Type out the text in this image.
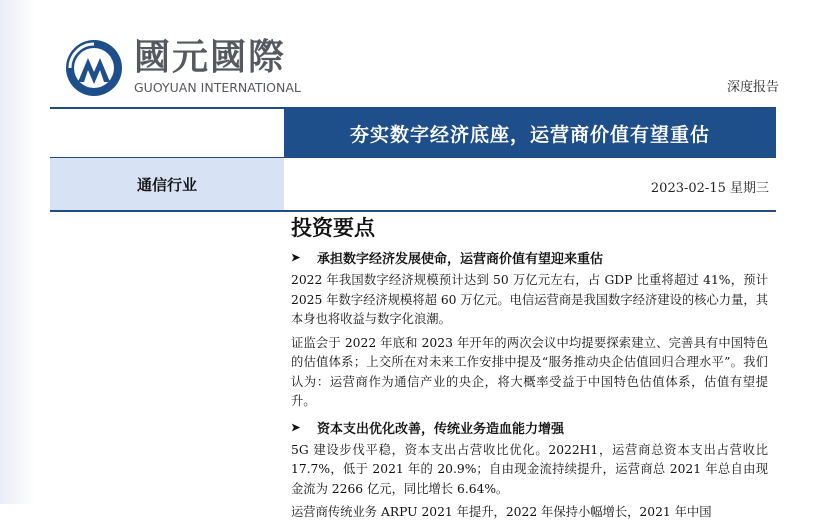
國元國際
GUOYUAN INTERNATIONAL	深度报告
夯实数字经济底座，运营商价值有望重估
通信行业	2023-02-15 星期三
投资要点
➤	承担数字经济发展使命，运营商价值有望迎来重估

2022 年我国数字经济规模预计达到 50 万亿元左右，占 GDP 比重将超过 41%，预计 2025 年数字经济规模将超 60 万亿元。电信运营商是我国数字经济建设的核心力量，其本身也将收益与数字化浪潮。

证监会于 2022 年底和 2023 年开年的两次会议中均提要探索建立、完善具有中国特色的估值体系；上交所在对未来工作安排中提及“服务推动央企估值回归合理水平”。我们认为：运营商作为通信产业的央企，将大概率受益于中国特色估值体系，估值有望提升。

➤	资本支出优化改善，传统业务造血能力增强

5G 建设步伐平稳，资本支出占营收比优化。2022H1，运营商总资本支出占营收比 17.7%，低于 2021 年的 20.9%；自由现金流持续提升，运营商总 2021 年总自由现金流为 2266 亿元，同比增长 6.64%。

运营商传统业务 ARPU 2021 年提升，2022 年保持小幅增长，2021 年中国
